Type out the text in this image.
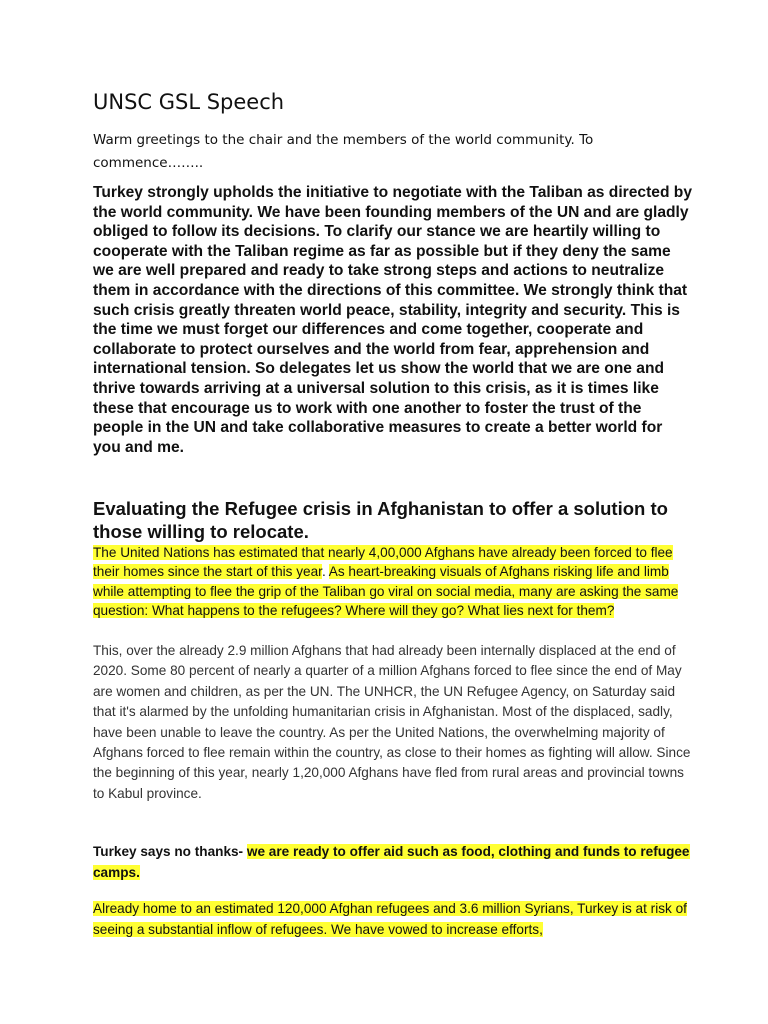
UNSC GSL Speech

Warm greetings to the chair and the members of the world community. To commence……..

Turkey strongly upholds the initiative to negotiate with the Taliban as directed by the world community. We have been founding members of the UN and are gladly obliged to follow its decisions. To clarify our stance we are heartily willing to cooperate with the Taliban regime as far as possible but if they deny the same we are well prepared and ready to take strong steps and actions to neutralize them in accordance with the directions of this committee. We strongly think that such crisis greatly threaten world peace, stability, integrity and security. This is the time we must forget our differences and come together, cooperate and collaborate to protect ourselves and the world from fear, apprehension and international tension. So delegates let us show the world that we are one and thrive towards arriving at a universal solution to this crisis, as it is times like these that encourage us to work with one another to foster the trust of the people in the UN and take collaborative measures to create a better world for you and me.

Evaluating the Refugee crisis in Afghanistan to offer a solution to those willing to relocate.

The United Nations has estimated that nearly 4,00,000 Afghans have already been forced to flee their homes since the start of this year. As heart-breaking visuals of Afghans risking life and limb while attempting to flee the grip of the Taliban go viral on social media, many are asking the same question: What happens to the refugees? Where will they go? What lies next for them?

This, over the already 2.9 million Afghans that had already been internally displaced at the end of 2020. Some 80 percent of nearly a quarter of a million Afghans forced to flee since the end of May are women and children, as per the UN. The UNHCR, the UN Refugee Agency, on Saturday said that it's alarmed by the unfolding humanitarian crisis in Afghanistan. Most of the displaced, sadly, have been unable to leave the country. As per the United Nations, the overwhelming majority of Afghans forced to flee remain within the country, as close to their homes as fighting will allow. Since the beginning of this year, nearly 1,20,000 Afghans have fled from rural areas and provincial towns to Kabul province.

Turkey says no thanks- we are ready to offer aid such as food, clothing and funds to refugee camps.

Already home to an estimated 120,000 Afghan refugees and 3.6 million Syrians, Turkey is at risk of seeing a substantial inflow of refugees. We have vowed to increase efforts,
